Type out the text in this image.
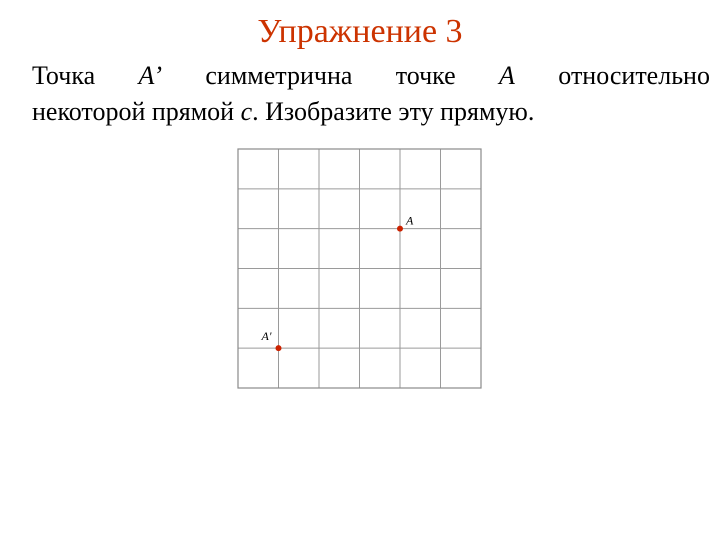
Упражнение 3
Точка A’ симметрична точке A относительно
некоторой прямой c. Изобразите эту прямую.
A
A'
